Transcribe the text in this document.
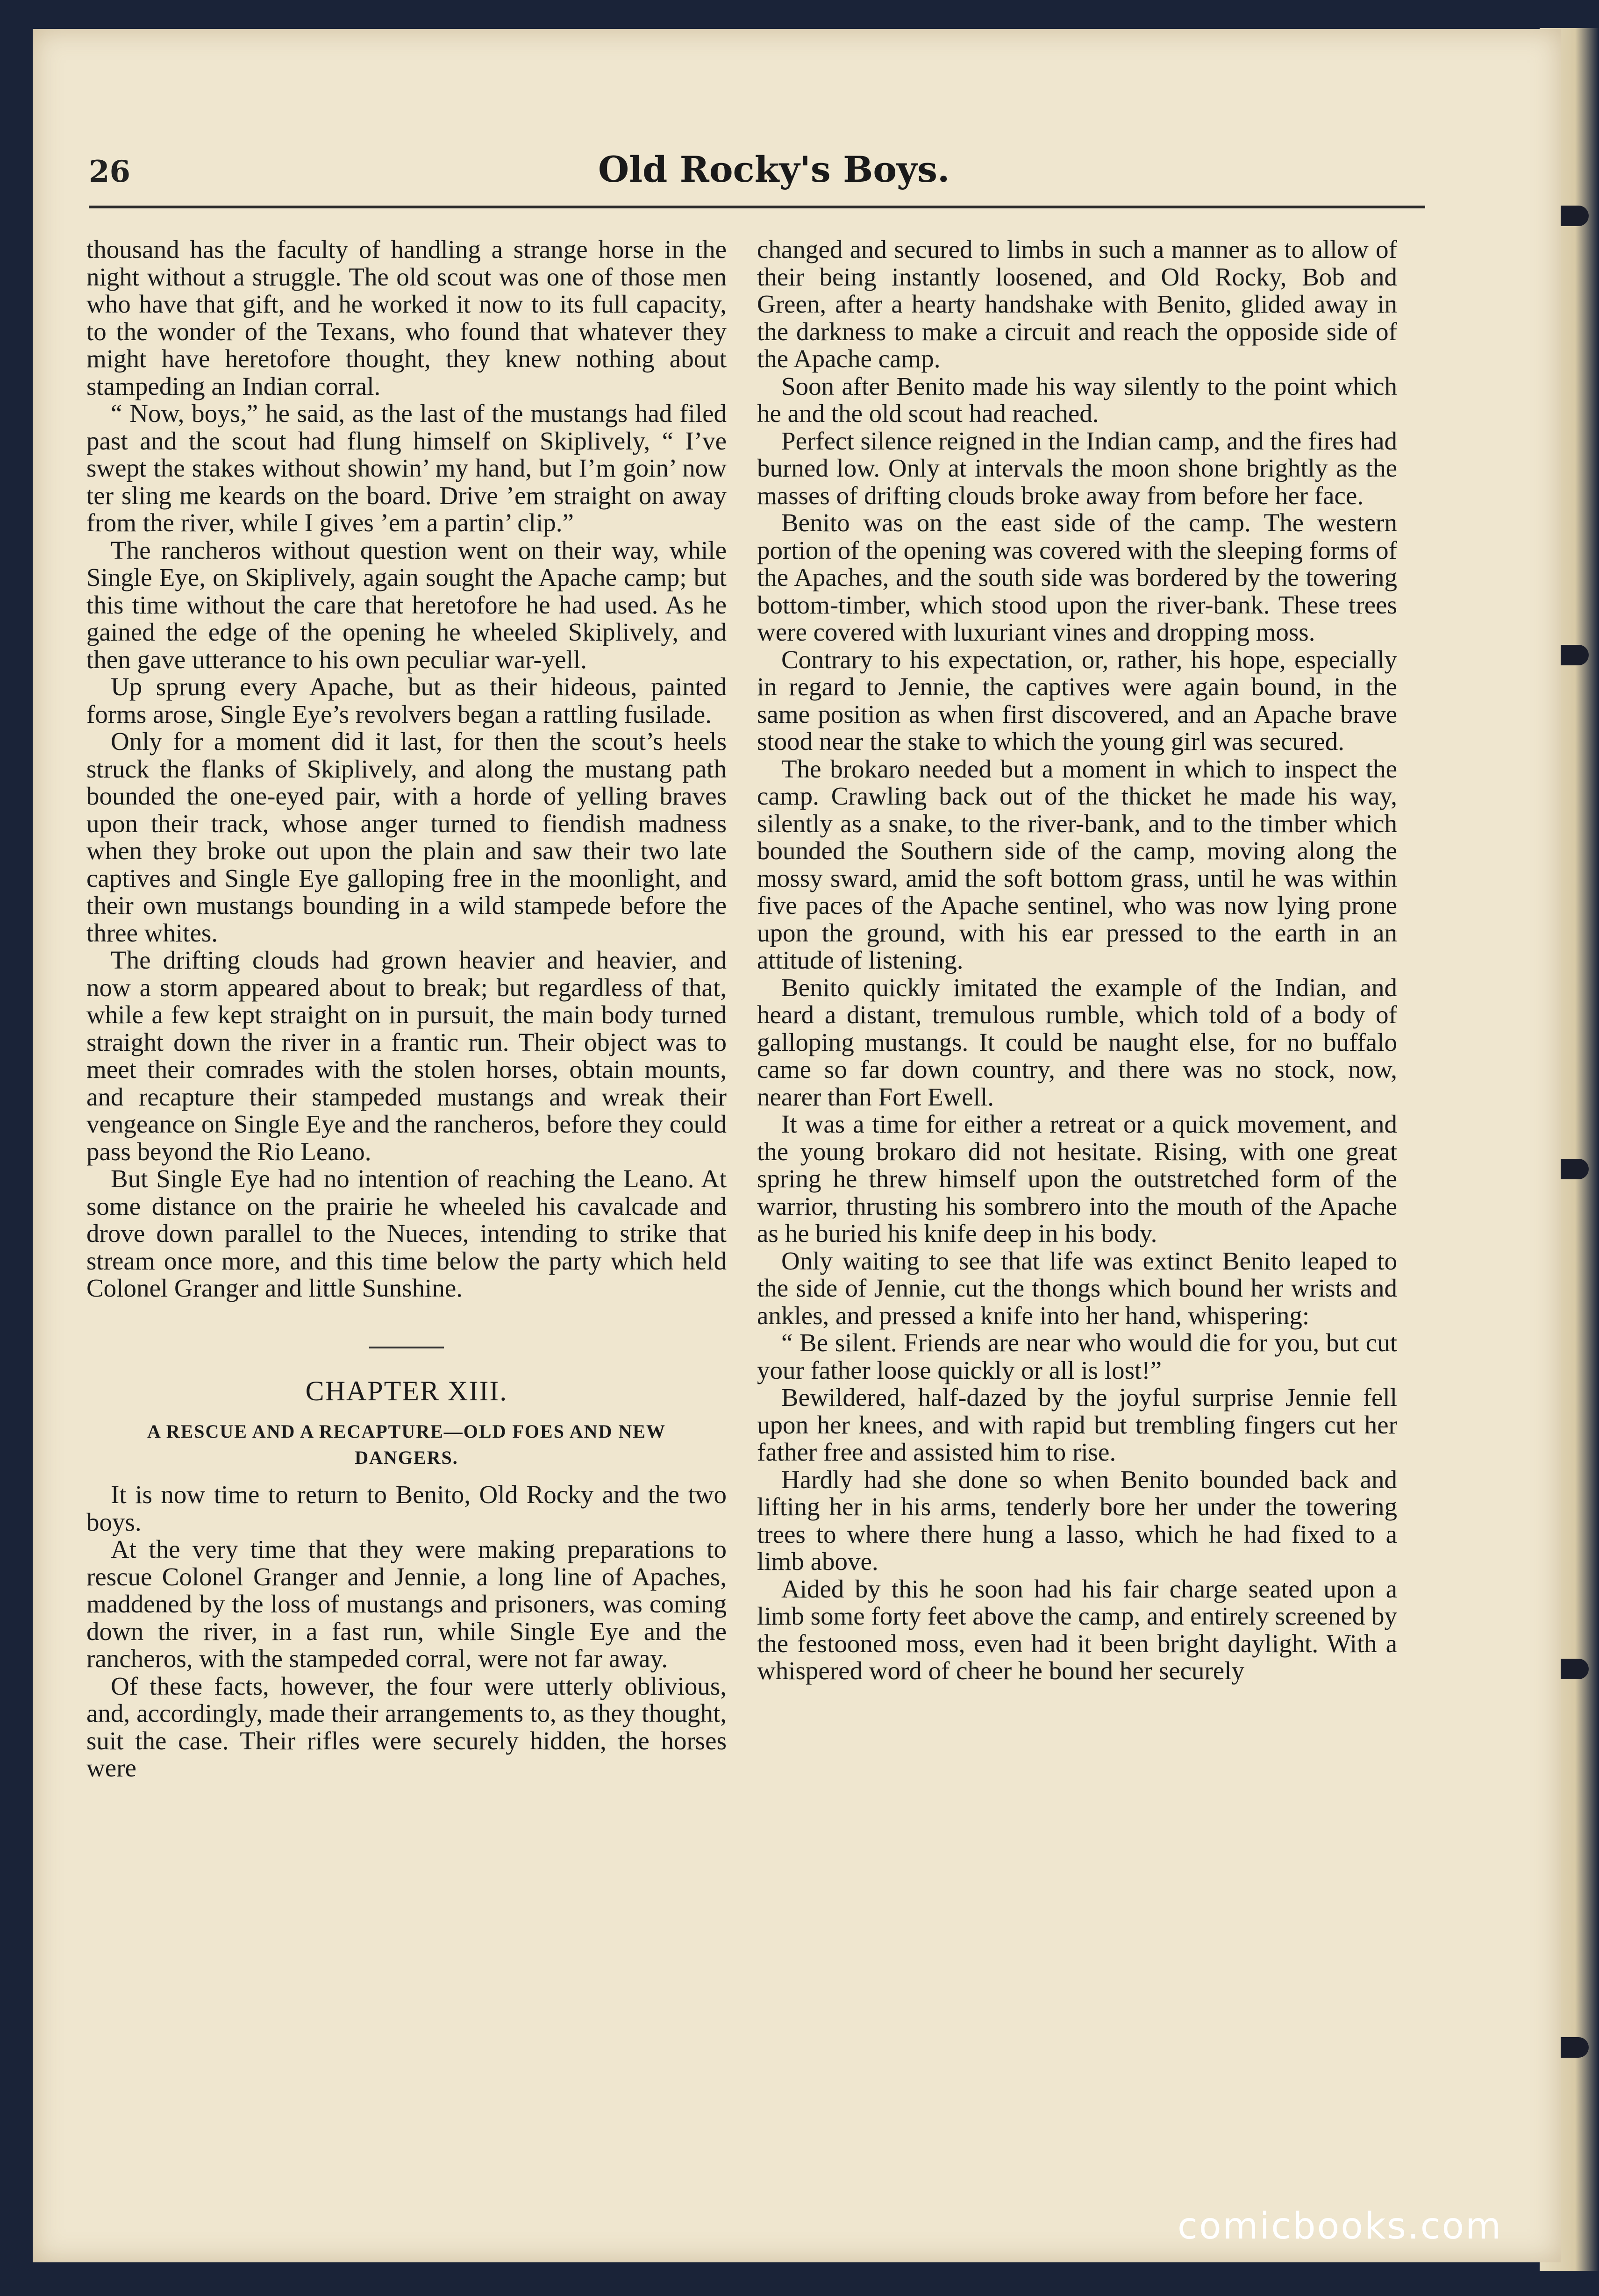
26	Old Rocky's Boys.

thousand has the faculty of handling a strange horse in the night without a struggle. The old scout was one of those men who have that gift, and he worked it now to its full capacity, to the wonder of the Texans, who found that whatever they might have heretofore thought, they knew nothing about stampeding an Indian corral.

“ Now, boys,” he said, as the last of the mustangs had filed past and the scout had flung himself on Skiplively, “ I’ve swept the stakes without showin’ my hand, but I’m goin’ now ter sling me keards on the board. Drive ’em straight on away from the river, while I gives ’em a partin’ clip.”

The rancheros without question went on their way, while Single Eye, on Skiplively, again sought the Apache camp; but this time without the care that heretofore he had used. As he gained the edge of the opening he wheeled Skiplively, and then gave utterance to his own peculiar war-yell.

Up sprung every Apache, but as their hideous, painted forms arose, Single Eye’s revolvers began a rattling fusilade.

Only for a moment did it last, for then the scout’s heels struck the flanks of Skiplively, and along the mustang path bounded the one-eyed pair, with a horde of yelling braves upon their track, whose anger turned to fiendish madness when they broke out upon the plain and saw their two late captives and Single Eye galloping free in the moonlight, and their own mustangs bounding in a wild stampede before the three whites.

The drifting clouds had grown heavier and heavier, and now a storm appeared about to break; but regardless of that, while a few kept straight on in pursuit, the main body turned straight down the river in a frantic run. Their object was to meet their comrades with the stolen horses, obtain mounts, and recapture their stampeded mustangs and wreak their vengeance on Single Eye and the rancheros, before they could pass beyond the Rio Leano.

But Single Eye had no intention of reaching the Leano. At some distance on the prairie he wheeled his cavalcade and drove down parallel to the Nueces, intending to strike that stream once more, and this time below the party which held Colonel Granger and little Sunshine.

CHAPTER XIII.
A RESCUE AND A RECAPTURE—OLD FOES AND NEW DANGERS.

It is now time to return to Benito, Old Rocky and the two boys.

At the very time that they were making preparations to rescue Colonel Granger and Jennie, a long line of Apaches, maddened by the loss of mustangs and prisoners, was coming down the river, in a fast run, while Single Eye and the rancheros, with the stampeded corral, were not far away.

Of these facts, however, the four were utterly oblivious, and, accordingly, made their arrangements to, as they thought, suit the case. Their rifles were securely hidden, the horses were

changed and secured to limbs in such a manner as to allow of their being instantly loosened, and Old Rocky, Bob and Green, after a hearty handshake with Benito, glided away in the darkness to make a circuit and reach the opposide side of the Apache camp.

Soon after Benito made his way silently to the point which he and the old scout had reached.

Perfect silence reigned in the Indian camp, and the fires had burned low. Only at intervals the moon shone brightly as the masses of drifting clouds broke away from before her face.

Benito was on the east side of the camp. The western portion of the opening was covered with the sleeping forms of the Apaches, and the south side was bordered by the towering bottom-timber, which stood upon the river-bank. These trees were covered with luxuriant vines and dropping moss.

Contrary to his expectation, or, rather, his hope, especially in regard to Jennie, the captives were again bound, in the same position as when first discovered, and an Apache brave stood near the stake to which the young girl was secured.

The brokaro needed but a moment in which to inspect the camp. Crawling back out of the thicket he made his way, silently as a snake, to the river-bank, and to the timber which bounded the Southern side of the camp, moving along the mossy sward, amid the soft bottom grass, until he was within five paces of the Apache sentinel, who was now lying prone upon the ground, with his ear pressed to the earth in an attitude of listening.

Benito quickly imitated the example of the Indian, and heard a distant, tremulous rumble, which told of a body of galloping mustangs. It could be naught else, for no buffalo came so far down country, and there was no stock, now, nearer than Fort Ewell.

It was a time for either a retreat or a quick movement, and the young brokaro did not hesitate. Rising, with one great spring he threw himself upon the outstretched form of the warrior, thrusting his sombrero into the mouth of the Apache as he buried his knife deep in his body.

Only waiting to see that life was extinct Benito leaped to the side of Jennie, cut the thongs which bound her wrists and ankles, and pressed a knife into her hand, whispering:

“ Be silent. Friends are near who would die for you, but cut your father loose quickly or all is lost!”

Bewildered, half-dazed by the joyful surprise Jennie fell upon her knees, and with rapid but trembling fingers cut her father free and assisted him to rise.

Hardly had she done so when Benito bounded back and lifting her in his arms, tenderly bore her under the towering trees to where there hung a lasso, which he had fixed to a limb above.

Aided by this he soon had his fair charge seated upon a limb some forty feet above the camp, and entirely screened by the festooned moss, even had it been bright daylight. With a whispered word of cheer he bound her securely

comicbooks.com
